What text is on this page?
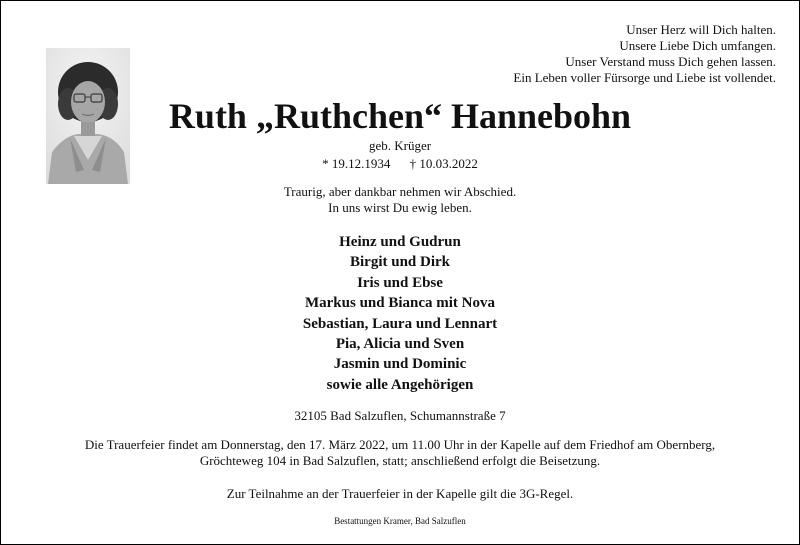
Unser Herz will Dich halten.
Unsere Liebe Dich umfangen.
Unser Verstand muss Dich gehen lassen.
Ein Leben voller Fürsorge und Liebe ist vollendet.
Ruth „Ruthchen“ Hannebohn
geb. Krüger
* 19.12.1934 † 10.03.2022
Traurig, aber dankbar nehmen wir Abschied.
In uns wirst Du ewig leben.
Heinz und Gudrun
Birgit und Dirk
Iris und Ebse
Markus und Bianca mit Nova
Sebastian, Laura und Lennart
Pia, Alicia und Sven
Jasmin und Dominic
sowie alle Angehörigen
32105 Bad Salzuflen, Schumannstraße 7
Die Trauerfeier findet am Donnerstag, den 17. März 2022, um 11.00 Uhr in der Kapelle auf dem Friedhof am Obernberg,
Gröchteweg 104 in Bad Salzuflen, statt; anschließend erfolgt die Beisetzung.
Zur Teilnahme an der Trauerfeier in der Kapelle gilt die 3G-Regel.
Bestattungen Kramer, Bad Salzuflen
